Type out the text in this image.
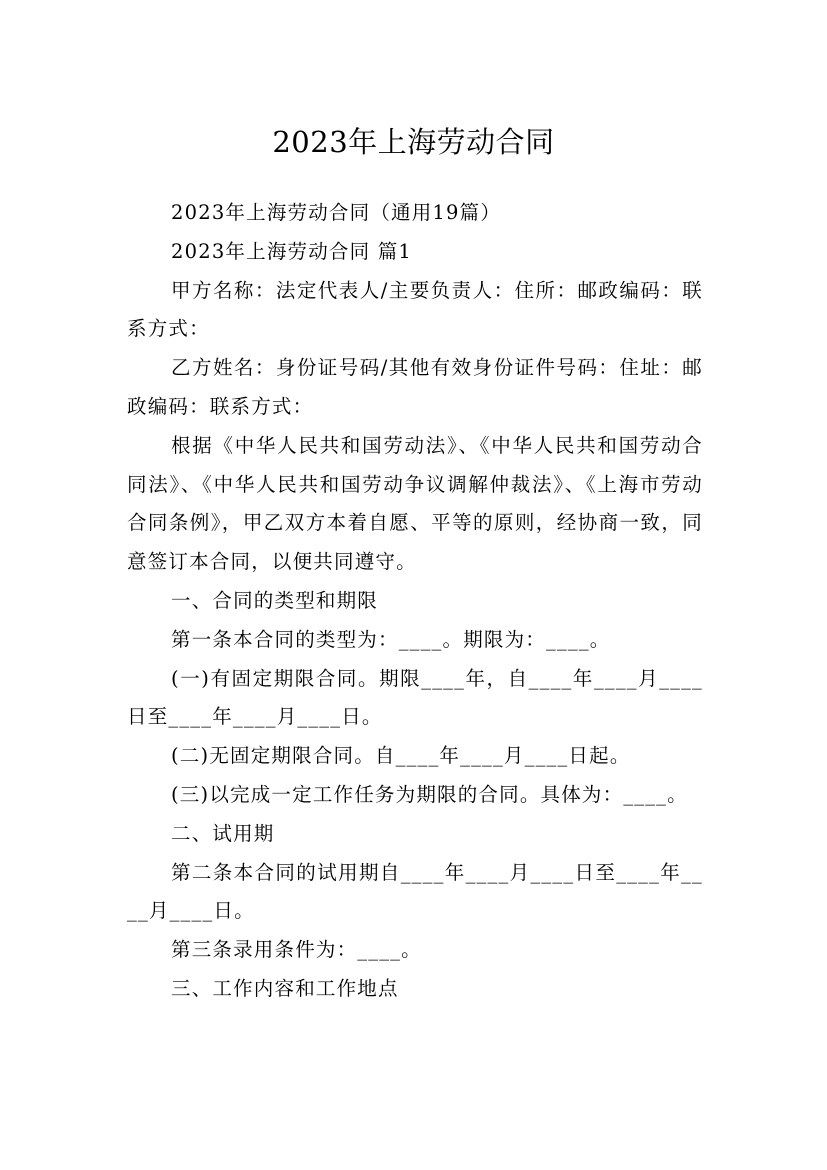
2023年上海劳动合同

2023年上海劳动合同（通用19篇）

2023年上海劳动合同 篇1

甲方名称：法定代表人/主要负责人：住所：邮政编码：联系方式：

乙方姓名：身份证号码/其他有效身份证件号码：住址：邮政编码：联系方式：

根据《中华人民共和国劳动法》、《中华人民共和国劳动合同法》、《中华人民共和国劳动争议调解仲裁法》、《上海市劳动合同条例》，甲乙双方本着自愿、平等的原则，经协商一致，同意签订本合同，以便共同遵守。

一、合同的类型和期限

第一条本合同的类型为：____。期限为：____。

(一)有固定期限合同。期限____年，自____年____月____日至____年____月____日。

(二)无固定期限合同。自____年____月____日起。

(三)以完成一定工作任务为期限的合同。具体为：____。

二、试用期

第二条本合同的试用期自____年____月____日至____年____月____日。

第三条录用条件为：____。

三、工作内容和工作地点
